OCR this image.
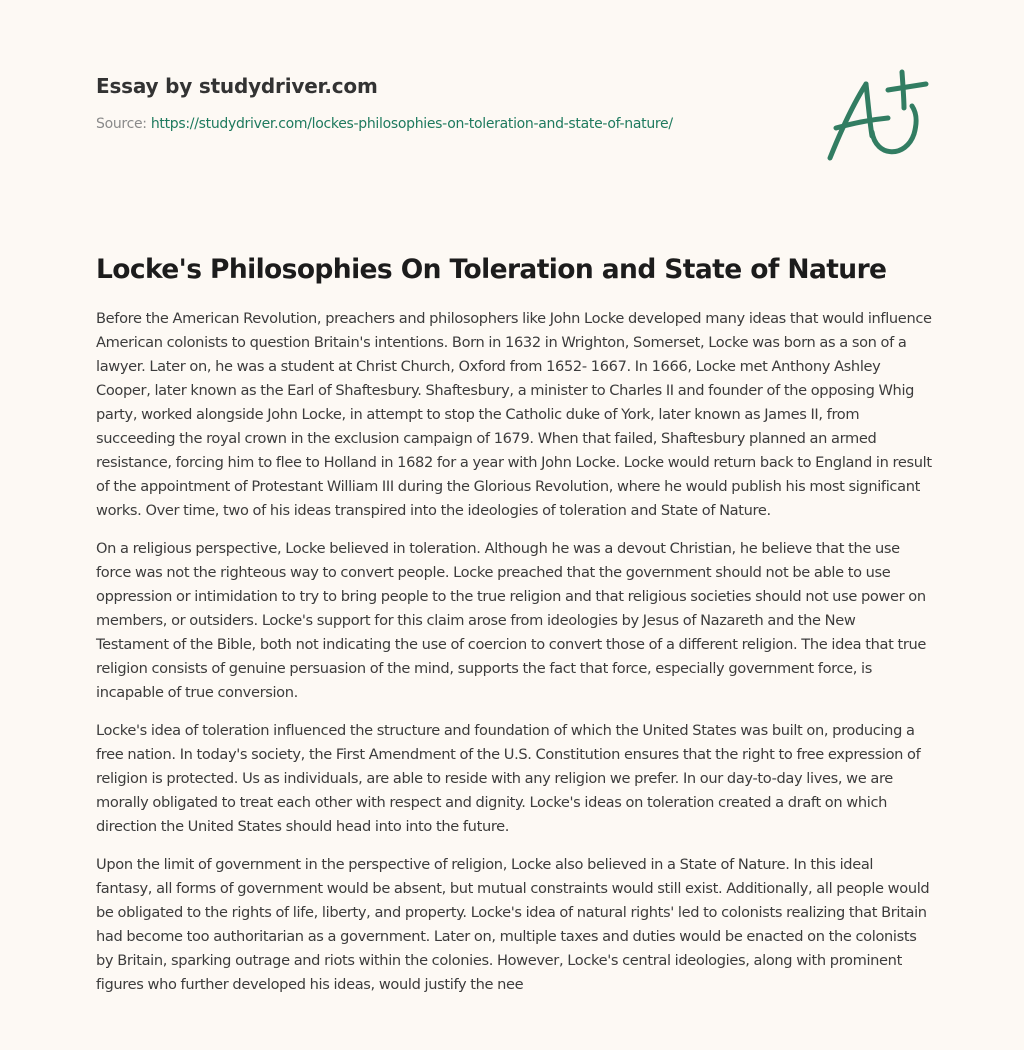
Essay by studydriver.com
Source: https://studydriver.com/lockes-philosophies-on-toleration-and-state-of-nature/
Locke's Philosophies On Toleration and State of Nature

Before the American Revolution, preachers and philosophers like John Locke developed many ideas that would influence American colonists to question Britain's intentions. Born in 1632 in Wrighton, Somerset, Locke was born as a son of a lawyer. Later on, he was a student at Christ Church, Oxford from 1652- 1667. In 1666, Locke met Anthony Ashley Cooper, later known as the Earl of Shaftesbury. Shaftesbury, a minister to Charles II and founder of the opposing Whig party, worked alongside John Locke, in attempt to stop the Catholic duke of York, later known as James II, from succeeding the royal crown in the exclusion campaign of 1679. When that failed, Shaftesbury planned an armed resistance, forcing him to flee to Holland in 1682 for a year with John Locke. Locke would return back to England in result of the appointment of Protestant William III during the Glorious Revolution, where he would publish his most significant works. Over time, two of his ideas transpired into the ideologies of toleration and State of Nature.

On a religious perspective, Locke believed in toleration. Although he was a devout Christian, he believe that the use force was not the righteous way to convert people. Locke preached that the government should not be able to use oppression or intimidation to try to bring people to the true religion and that religious societies should not use power on members, or outsiders. Locke's support for this claim arose from ideologies by Jesus of Nazareth and the New Testament of the Bible, both not indicating the use of coercion to convert those of a different religion. The idea that true religion consists of genuine persuasion of the mind, supports the fact that force, especially government force, is incapable of true conversion.

Locke's idea of toleration influenced the structure and foundation of which the United States was built on, producing a free nation. In today's society, the First Amendment of the U.S. Constitution ensures that the right to free expression of religion is protected. Us as individuals, are able to reside with any religion we prefer. In our day-to-day lives, we are morally obligated to treat each other with respect and dignity. Locke's ideas on toleration created a draft on which direction the United States should head into into the future.

Upon the limit of government in the perspective of religion, Locke also believed in a State of Nature. In this ideal fantasy, all forms of government would be absent, but mutual constraints would still exist. Additionally, all people would be obligated to the rights of life, liberty, and property. Locke's idea of natural rights' led to colonists realizing that Britain had become too authoritarian as a government. Later on, multiple taxes and duties would be enacted on the colonists by Britain, sparking outrage and riots within the colonies. However, Locke's central ideologies, along with prominent figures who further developed his ideas, would justify the nee
